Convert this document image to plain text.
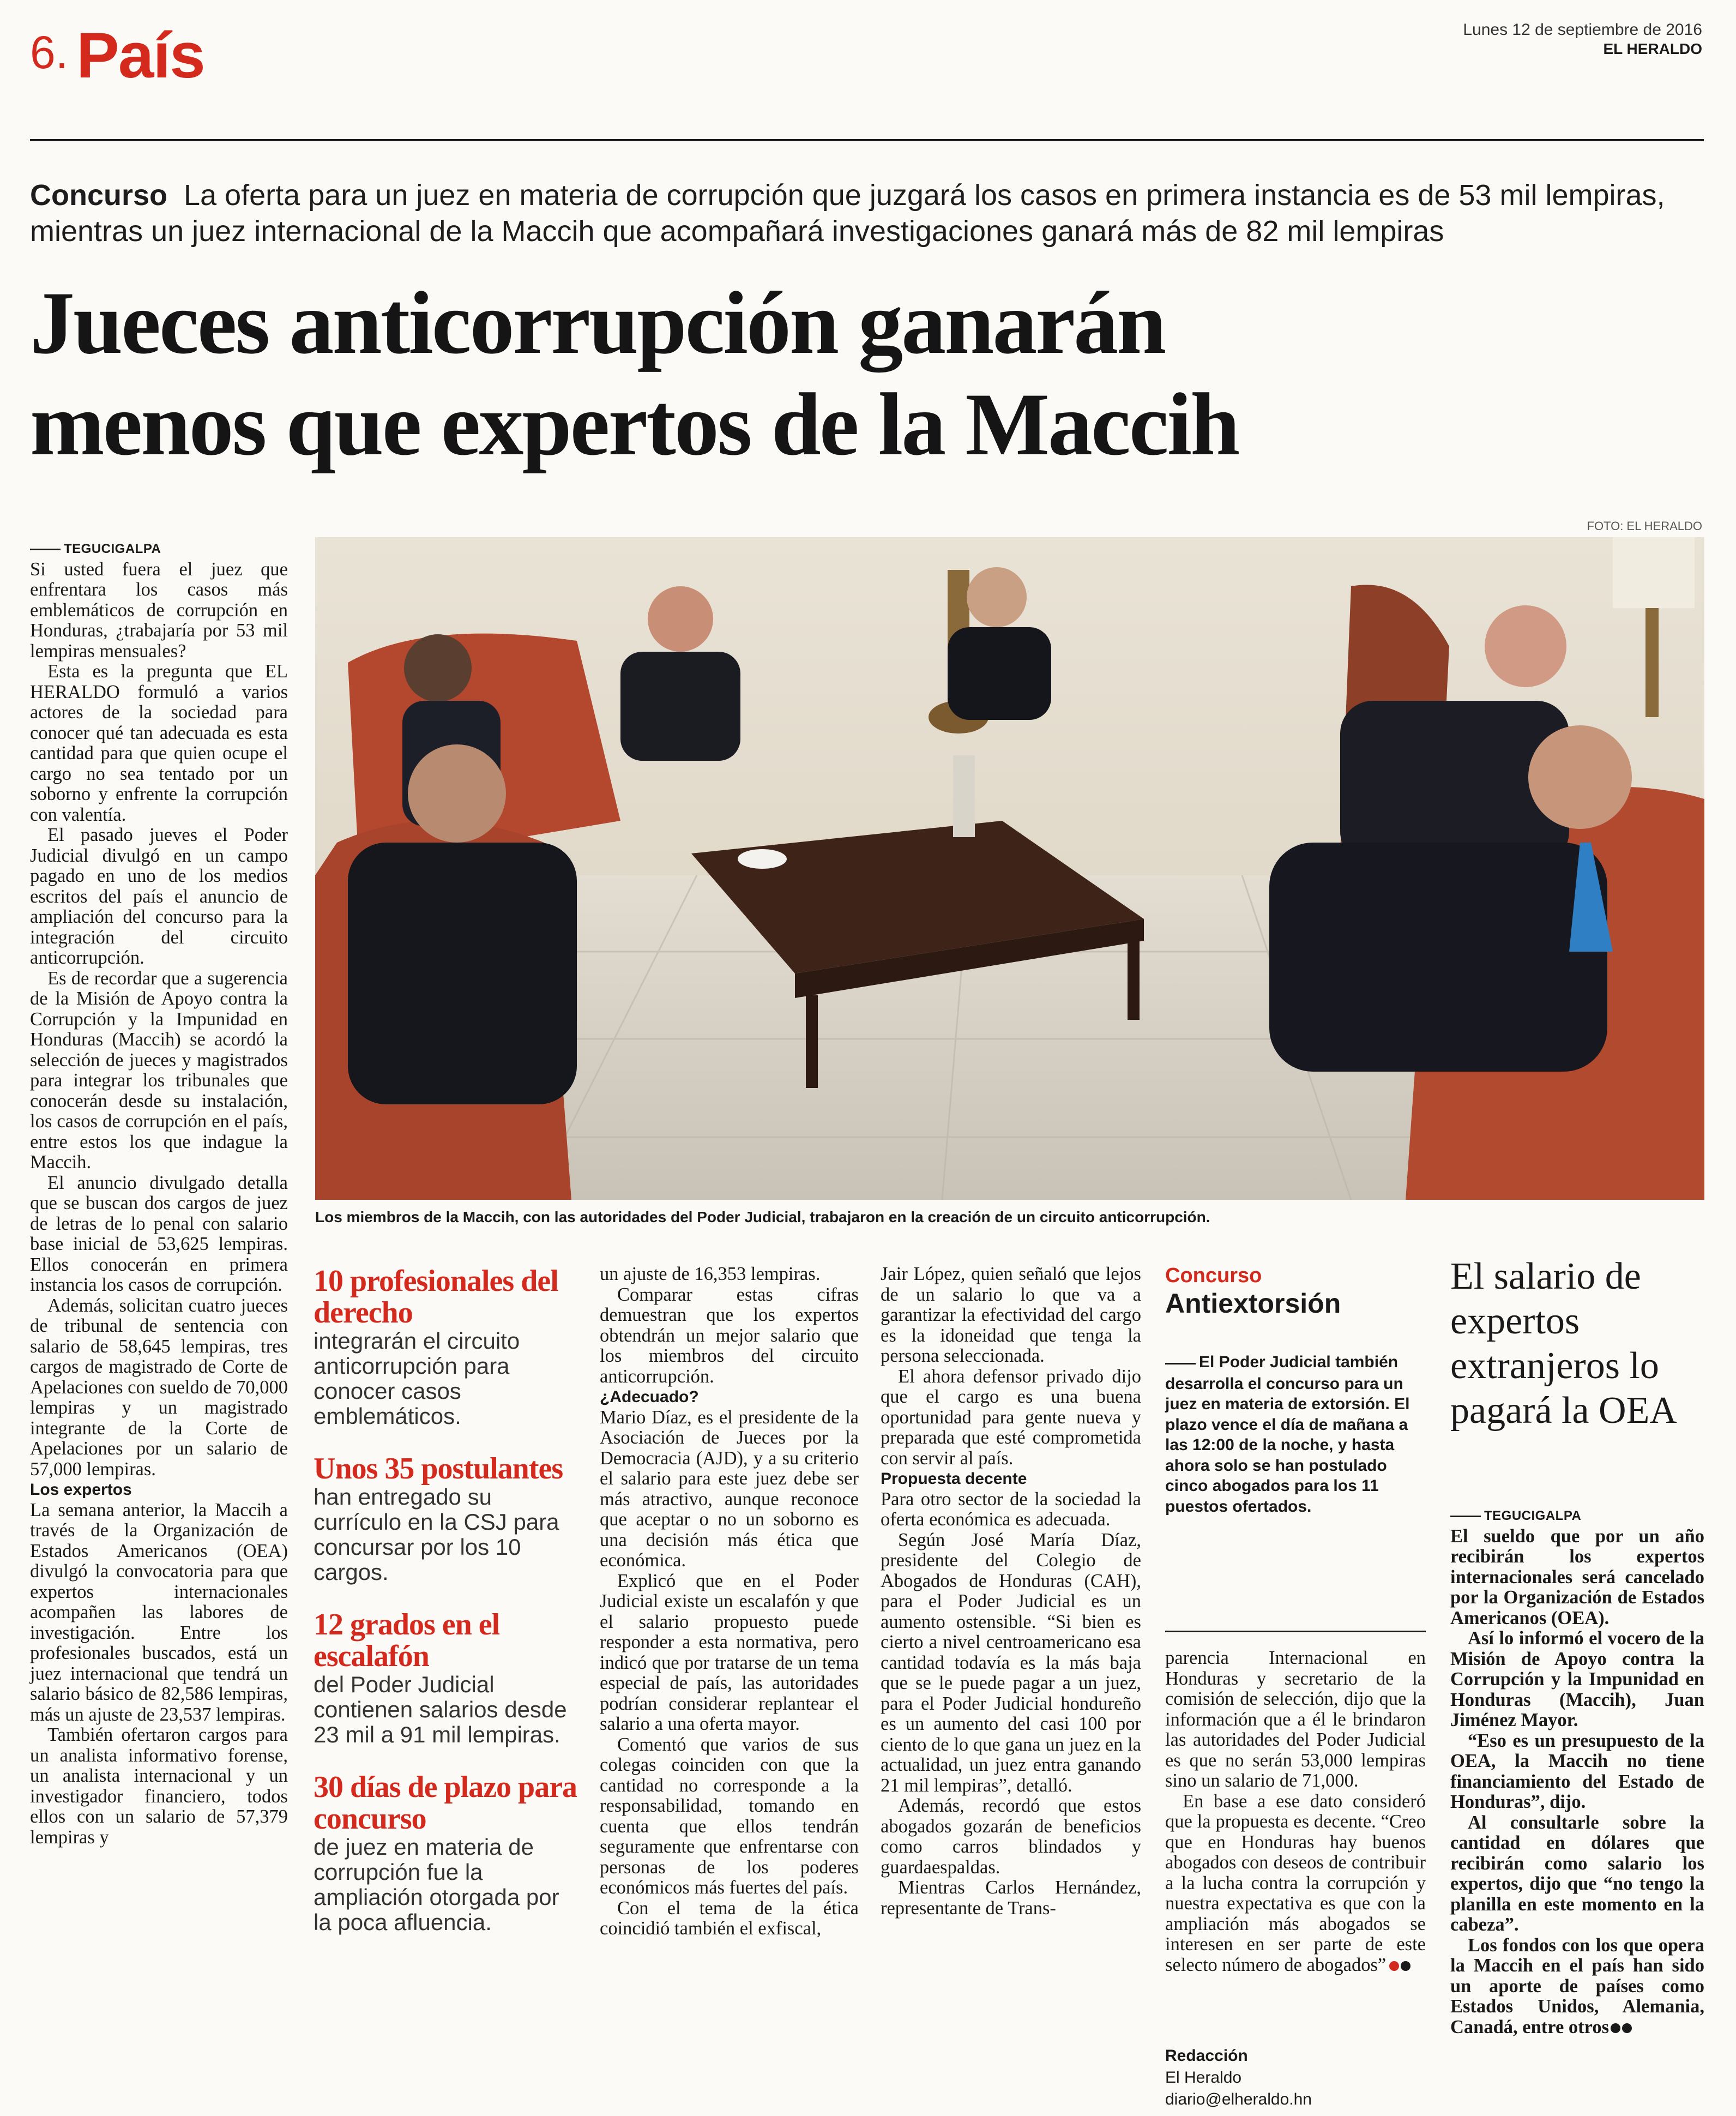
6. País	Lunes 12 de septiembre de 2016
EL HERALDO
Concurso La oferta para un juez en materia de corrupción que juzgará los casos en primera instancia es de 53 mil lempiras, mientras un juez internacional de la Maccih que acompañará investigaciones ganará más de 82 mil lempiras
Jueces anticorrupción ganarán
menos que expertos de la Maccih
FOTO: EL HERALDO
Los miembros de la Maccih, con las autoridades del Poder Judicial, trabajaron en la creación de un circuito anticorrupción.

TEGUCIGALPA

Si usted fuera el juez que enfrentara los casos más emblemáticos de corrupción en Honduras, ¿trabajaría por 53 mil lempiras mensuales?

Esta es la pregunta que EL HERALDO formuló a varios actores de la sociedad para conocer qué tan adecuada es esta cantidad para que quien ocupe el cargo no sea tentado por un soborno y enfrente la corrupción con valentía.

El pasado jueves el Poder Judicial divulgó en un campo pagado en uno de los medios escritos del país el anuncio de ampliación del concurso para la integración del circuito anticorrupción.

Es de recordar que a sugerencia de la Misión de Apoyo contra la Corrupción y la Impunidad en Honduras (Maccih) se acordó la selección de jueces y magistrados para integrar los tribunales que conocerán desde su instalación, los casos de corrupción en el país, entre estos los que indague la Maccih.

El anuncio divulgado detalla que se buscan dos cargos de juez de letras de lo penal con salario base inicial de 53,625 lempiras. Ellos conocerán en primera instancia los casos de corrupción.

Además, solicitan cuatro jueces de tribunal de sentencia con salario de 58,645 lempiras, tres cargos de magistrado de Corte de Apelaciones con sueldo de 70,000 lempiras y un magistrado integrante de la Corte de Apelaciones por un salario de 57,000 lempiras.

Los expertos

La semana anterior, la Maccih a través de la Organización de Estados Americanos (OEA) divulgó la convocatoria para que expertos internacionales acompañen las labores de investigación. Entre los profesionales buscados, está un juez internacional que tendrá un salario básico de 82,586 lempiras, más un ajuste de 23,537 lempiras.

También ofertaron cargos para un analista informativo forense, un analista internacional y un investigador financiero, todos ellos con un salario de 57,379 lempiras y

10 profesionales del derecho
integrarán el circuito anticorrupción para conocer casos emblemáticos.
Unos 35 postulantes
han entregado su currículo en la CSJ para concursar por los 10 cargos.
12 grados en el escalafón
del Poder Judicial contienen salarios desde 23 mil a 91 mil lempiras.
30 días de plazo para concurso
de juez en materia de corrupción fue la ampliación otorgada por la poca afluencia.

un ajuste de 16,353 lempiras.

Comparar estas cifras demuestran que los expertos obtendrán un mejor salario que los miembros del circuito anticorrupción.

¿Adecuado?

Mario Díaz, es el presidente de la Asociación de Jueces por la Democracia (AJD), y a su criterio el salario para este juez debe ser más atractivo, aunque reconoce que aceptar o no un soborno es una decisión más ética que económica.

Explicó que en el Poder Judicial existe un escalafón y que el salario propuesto puede responder a esta normativa, pero indicó que por tratarse de un tema especial de país, las autoridades podrían considerar replantear el salario a una oferta mayor.

Comentó que varios de sus colegas coinciden con que la cantidad no corresponde a la responsabilidad, tomando en cuenta que ellos tendrán seguramente que enfrentarse con personas de los poderes económicos más fuertes del país.

Con el tema de la ética coincidió también el exfiscal,

Jair López, quien señaló que lejos de un salario lo que va a garantizar la efectividad del cargo es la idoneidad que tenga la persona seleccionada.

El ahora defensor privado dijo que el cargo es una buena oportunidad para gente nueva y preparada que esté comprometida con servir al país.

Propuesta decente

Para otro sector de la sociedad la oferta económica es adecuada.

Según José María Díaz, presidente del Colegio de Abogados de Honduras (CAH), para el Poder Judicial es un aumento ostensible. “Si bien es cierto a nivel centroamericano esa cantidad todavía es la más baja que se le puede pagar a un juez, para el Poder Judicial hondureño es un aumento del casi 100 por ciento de lo que gana un juez en la actualidad, un juez entra ganando 21 mil lempiras”, detalló.

Además, recordó que estos abogados gozarán de beneficios como carros blindados y guardaespaldas.

Mientras Carlos Hernández, representante de Trans-

Concurso
Antiextorsión
El Poder Judicial también desarrolla el concurso para un juez en materia de extorsión. El plazo vence el día de mañana a las 12:00 de la noche, y hasta ahora solo se han postulado cinco abogados para los 11 puestos ofertados.

parencia Internacional en Honduras y secretario de la comisión de selección, dijo que la información que a él le brindaron las autoridades del Poder Judicial es que no serán 53,000 lempiras sino un salario de 71,000.

En base a ese dato consideró que la propuesta es decente. “Creo que en Honduras hay buenos abogados con deseos de contribuir a la lucha contra la corrupción y nuestra expectativa es que con la ampliación más abogados se interesen en ser parte de este selecto número de abogados”

Redacción
El Heraldo
diario@elheraldo.hn
El salario de expertos extranjeros lo pagará la OEA

TEGUCIGALPA

El sueldo que por un año recibirán los expertos internacionales será cancelado por la Organización de Estados Americanos (OEA).

Así lo informó el vocero de la Misión de Apoyo contra la Corrupción y la Impunidad en Honduras (Maccih), Juan Jiménez Mayor.

“Eso es un presupuesto de la OEA, la Maccih no tiene financiamiento del Estado de Honduras”, dijo.

Al consultarle sobre la cantidad en dólares que recibirán como salario los expertos, dijo que “no tengo la planilla en este momento en la cabeza”.

Los fondos con los que opera la Maccih en el país han sido un aporte de países como Estados Unidos, Alemania, Canadá, entre otros
